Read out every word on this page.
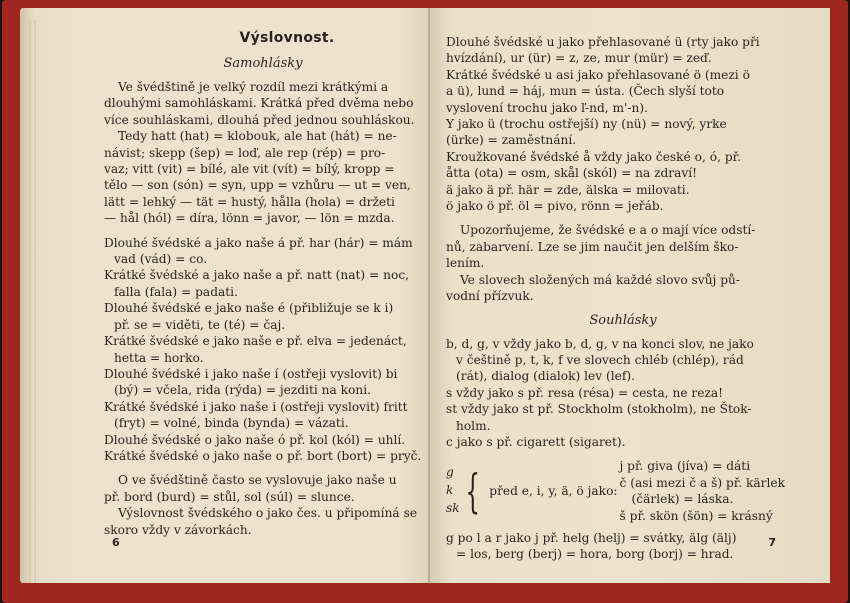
Výslovnost.
Samohlásky
Ve švédštině je velký rozdíl mezi krátkými a
dlouhými samohláskami. Krátká před dvěma nebo
více souhláskami, dlouhá před jednou souhláskou.
Tedy hatt (hat) = klobouk, ale hat (hát) = ne-
návist; skepp (šep) = loď, ale rep (rép) = pro-
vaz; vitt (vit) = bílé, ale vit (vít) = bílý, kropp =
tělo — son (són) = syn, upp = vzhůru — ut = ven,
lätt = lehký — tät = hustý, hålla (hola) = držeti
— hål (hól) = díra, lönn = javor, — lön = mzda.
Dlouhé švédské a jako naše á př. har (hár) = mám
vad (vád) = co.
Krátké švédské a jako naše a př. natt (nat) = noc,
falla (fala) = padati.
Dlouhé švédské e jako naše é (přibližuje se k i)
př. se = viděti, te (té) = čaj.
Krátké švédské e jako naše e př. elva = jedenáct,
hetta = horko.
Dlouhé švédské i jako naše í (ostřeji vyslovit) bi
(bý) = včela, rida (rýda) = jezditi na koni.
Krátké švédské i jako naše i (ostřeji vyslovit) fritt
(fryt) = volné, binda (bynda) = vázati.
Dlouhé švédské o jako naše ó př. kol (kól) = uhlí.
Krátké švédské o jako naše o př. bort (bort) = pryč.
O ve švédštině často se vyslovuje jako naše u
př. bord (burd) = stůl, sol (súl) = slunce.
Výslovnost švédského o jako čes. u připomíná se
skoro vždy v závorkách.
6
Dlouhé švédské u jako přehlasované ü (rty jako při
hvízdání), ur (ür) = z, ze, mur (mür) = zeď.
Krátké švédské u asi jako přehlasované ö (mezi ö
a ü), lund = háj, mun = ústa. (Čech slyší toto
vyslovení trochu jako ľ-nd, m'-n).
Y jako ü (trochu ostřejší) ny (nü) = nový, yrke
(ürke) = zaměstnání.
Kroužkované švédské å vždy jako české o, ó, př.
åtta (ota) = osm, skål (skól) = na zdraví!
ä jako ä př. här = zde, älska = milovati.
ö jako ö př. öl = pivo, rönn = jeřáb.
Upozorňujeme, že švédské e a o mají více odstí-
nů, zabarvení. Lze se jim naučit jen delším ško-
lením.
Ve slovech složených má každé slovo svůj pů-
vodní přízvuk.
Souhlásky
b, d, g, v vždy jako b, d, g, v na konci slov, ne jako
v češtině p, t, k, f ve slovech chléb (chlép), rád
(rát), dialog (dialok) lev (lef).
s vždy jako s př. resa (résa) = cesta, ne reza!
st vždy jako st př. Stockholm (stokholm), ne Štok-
holm.
c jako s př. cigarett (sigaret).
g
k
sk { před e, i, y, ä, ö jako:
j př. giva (jíva) = dáti
č (asi mezi č a š) př. kärlek
(čärlek) = láska.
š př. skön (šön) = krásný
g po l a r jako j př. helg (helj) = svátky, älg (älj)
= los, berg (berj) = hora, borg (borj) = hrad.
7
